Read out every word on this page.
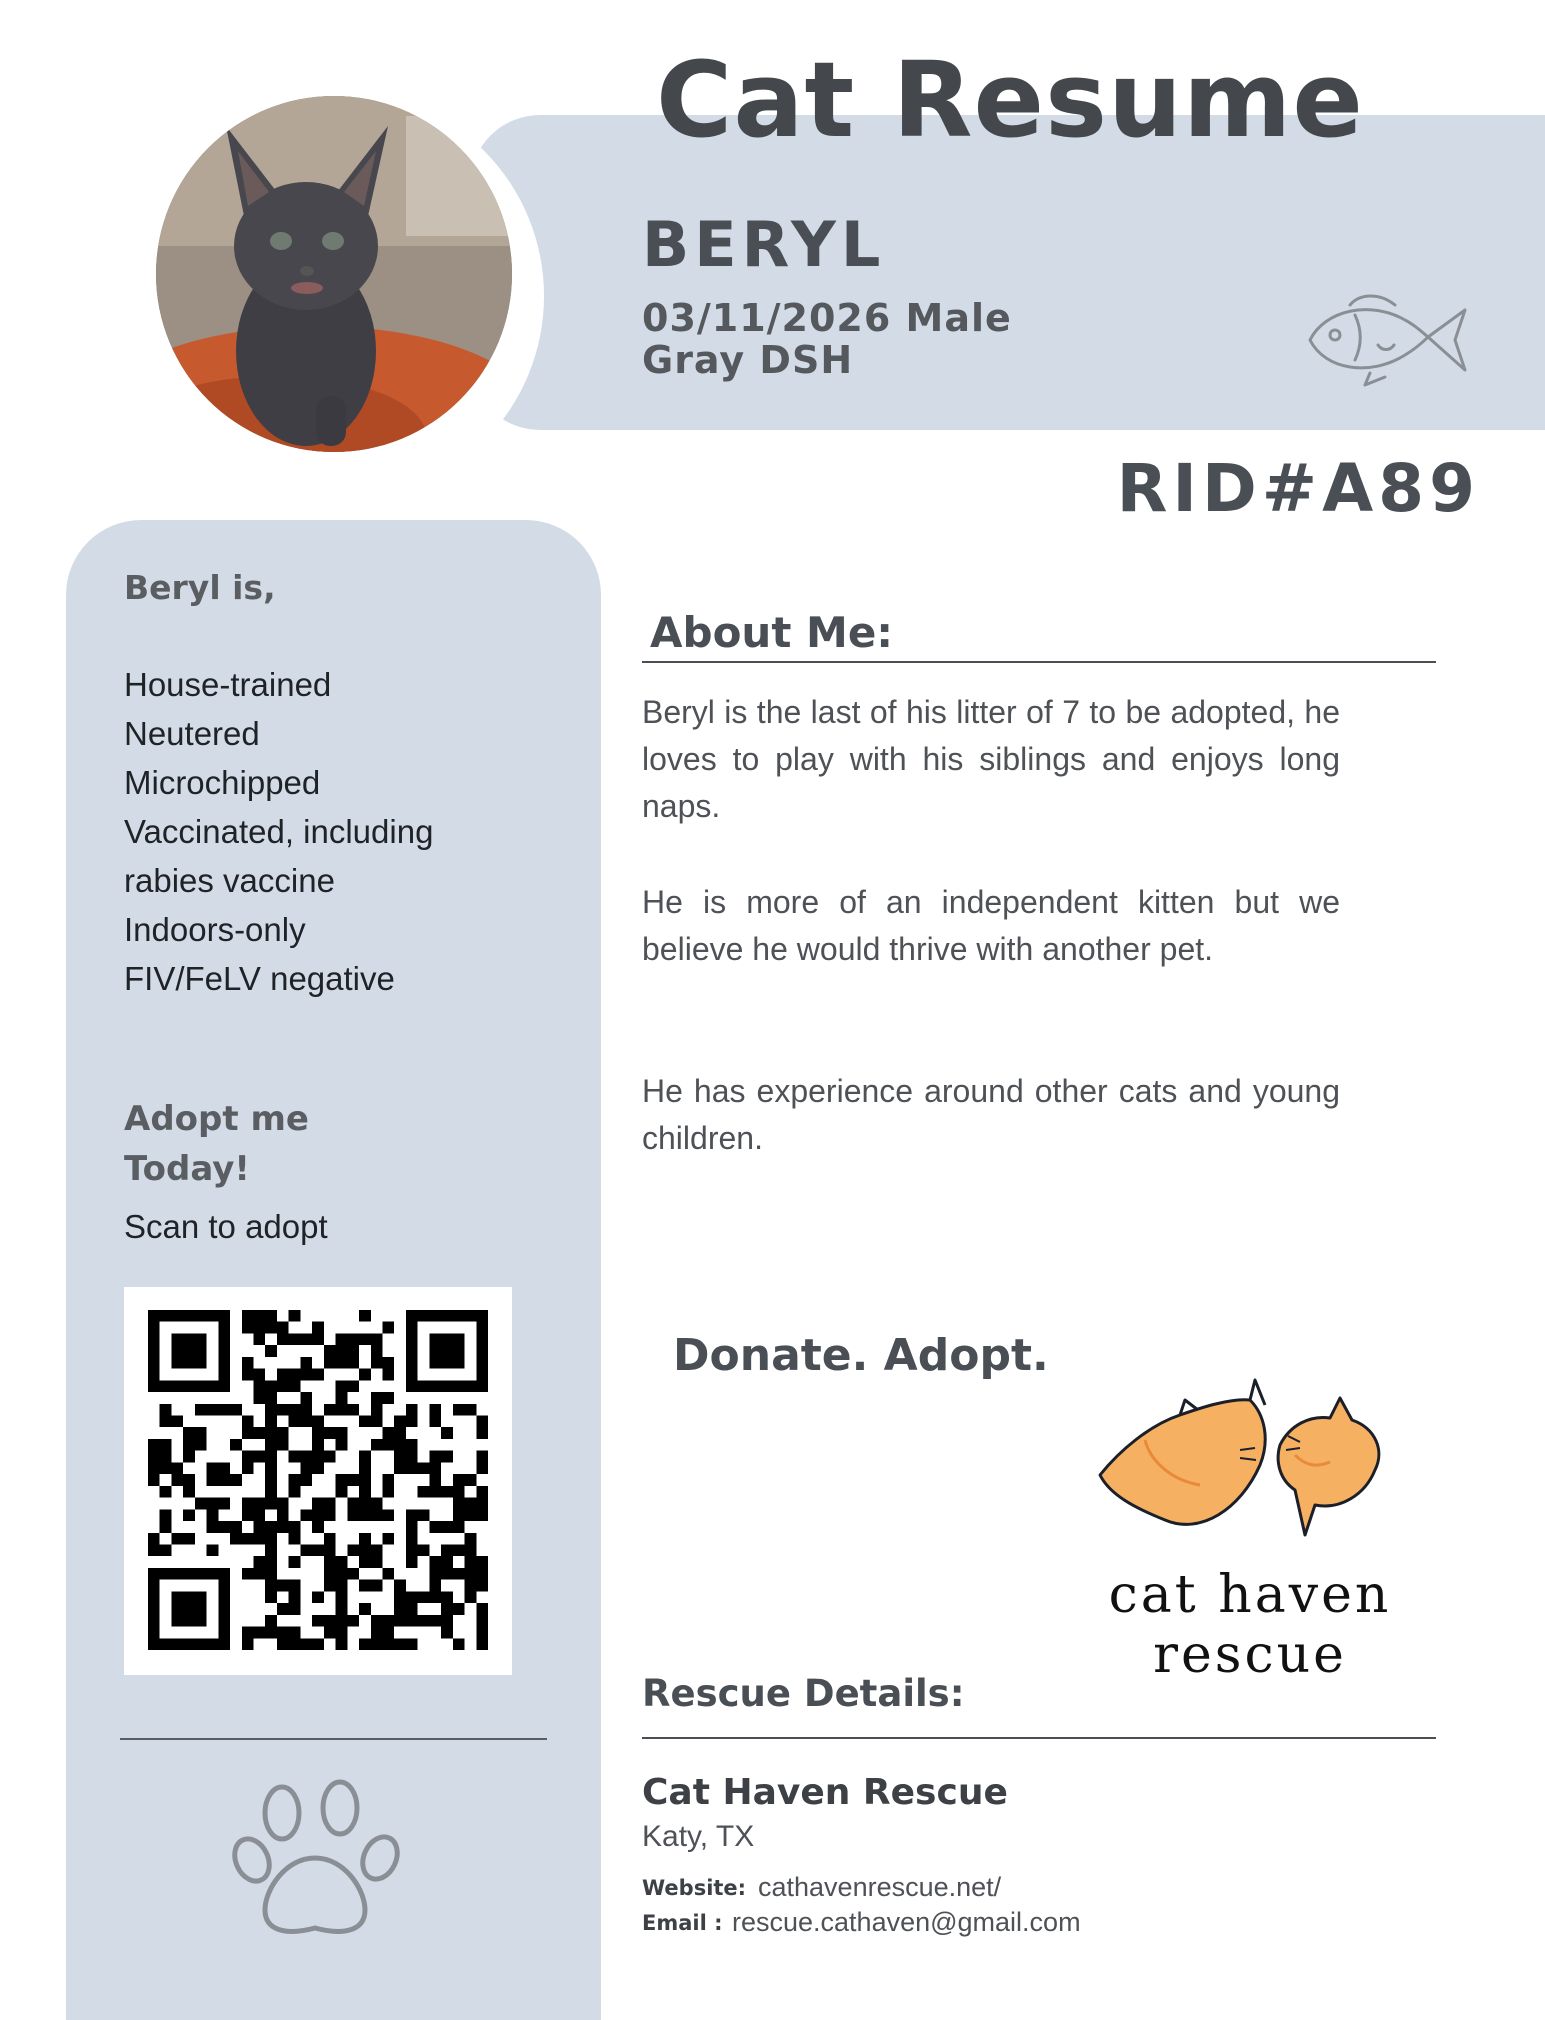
Cat Resume
BERYL
03/11/2026 Male
Gray DSH
RID#A89
Beryl is,
House-trained
Neutered
Microchipped
Vaccinated, including
rabies vaccine
Indoors-only
FIV/FeLV negative
Adopt me Today!
Scan to adopt
About Me:
Beryl is the last of his litter of 7 to be adopted, he loves to play with his siblings and enjoys long naps.
He is more of an independent kitten but we believe he would thrive with another pet.
He has experience around other cats and young children.
Donate. Adopt.
cat haven
rescue
Rescue Details:
Cat Haven Rescue
Katy, TX
Website: cathavenrescue.net/
Email : rescue.cathaven@gmail.com
